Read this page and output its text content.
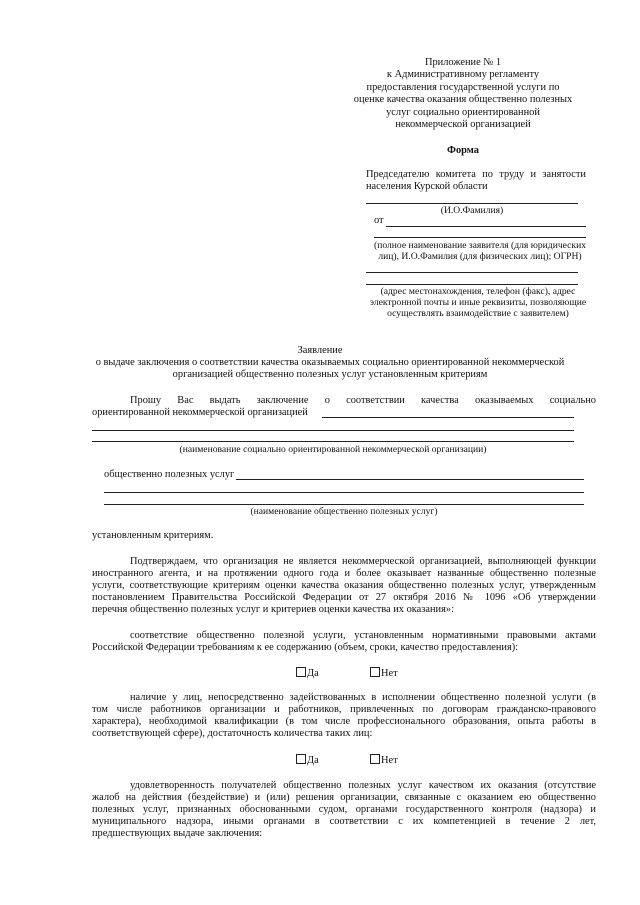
Приложение № 1
к Административному регламенту
предоставления государственной услуги по
оценке качества оказания общественно полезных
услуг социально ориентированной
некоммерческой организацией
Форма
Председателю комитета по труду и занятости
населения Курской области
(И.О.Фамилия)
от
(полное наименование заявителя (для юридических
лиц), И.О.Фамилия (для физических лиц); ОГРН)
(адрес местонахождения, телефон (факс), адрес
электронной почты и иные реквизиты, позволяющие
осуществлять взаимодействие с заявителем)
Заявление
о выдаче заключения о соответствии качества оказываемых социально ориентированной некоммерческой
организацией общественно полезных услуг установленным критериям
Прошу Вас выдать заключение о соответствии качества оказываемых социально
ориентированной некоммерческой организацией
(наименование социально ориентированной некоммерческой организации)
общественно полезных услуг
(наименование общественно полезных услуг)
установленным критериям.
Подтверждаем, что организация не является некоммерческой организацией, выполняющей функции
иностранного агента, и на протяжении одного года и более оказывает названные общественно полезные
услуги, соответствующие критериям оценки качества оказания общественно полезных услуг, утвержденным
постановлением Правительства Российской Федерации от 27 октября 2016 № 1096 «Об утверждении
перечня общественно полезных услуг и критериев оценки качества их оказания»:
соответствие общественно полезной услуги, установленным нормативными правовыми актами
Российской Федерации требованиям к ее содержанию (объем, сроки, качество предоставления):
Да	Нет
наличие у лиц, непосредственно задействованных в исполнении общественно полезной услуги (в
том числе работников организации и работников, привлеченных по договорам гражданско-правового
характера), необходимой квалификации (в том числе профессионального образования, опыта работы в
соответствующей сфере), достаточность количества таких лиц:
Да	Нет
удовлетворенность получателей общественно полезных услуг качеством их оказания (отсутствие
жалоб на действия (бездействие) и (или) решения организации, связанные с оказанием ею общественно
полезных услуг, признанных обоснованными судом, органами государственного контроля (надзора) и
муниципального надзора, иными органами в соответствии с их компетенцией в течение 2 лет,
предшествующих выдаче заключения:
